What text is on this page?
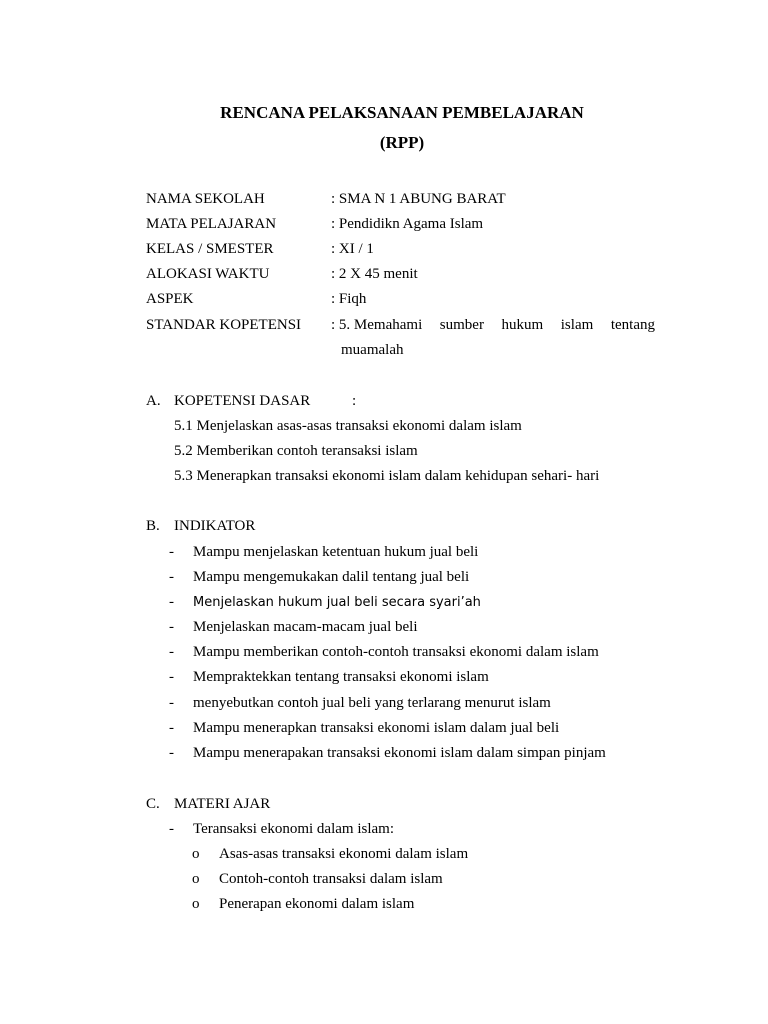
RENCANA PELAKSANAAN PEMBELAJARAN
(RPP)
NAMA SEKOLAH	: SMA N 1 ABUNG BARAT
MATA PELAJARAN	: Pendidikn Agama Islam
KELAS / SMESTER	: XI / 1
ALOKASI WAKTU	: 2 X 45 menit
ASPEK	: Fiqh
STANDAR KOPETENSI : 5. Memahami sumber hukum islam tentang
muamalah
A. KOPETENSI DASAR	:
5.1 Menjelaskan asas-asas transaksi ekonomi dalam islam
5.2 Memberikan contoh teransaksi islam
5.3 Menerapkan transaksi ekonomi islam dalam kehidupan sehari- hari
B. INDIKATOR
- Mampu menjelaskan ketentuan hukum jual beli
- Mampu mengemukakan dalil tentang jual beli
- Menjelaskan hukum jual beli secara syari’ah
- Menjelaskan macam-macam jual beli
- Mampu memberikan contoh-contoh transaksi ekonomi dalam islam
- Mempraktekkan tentang transaksi ekonomi islam
- menyebutkan contoh jual beli yang terlarang menurut islam
- Mampu menerapkan transaksi ekonomi islam dalam jual beli
- Mampu menerapakan transaksi ekonomi islam dalam simpan pinjam
C. MATERI AJAR
- Teransaksi ekonomi dalam islam:
o Asas-asas transaksi ekonomi dalam islam
o Contoh-contoh transaksi dalam islam
o Penerapan ekonomi dalam islam
